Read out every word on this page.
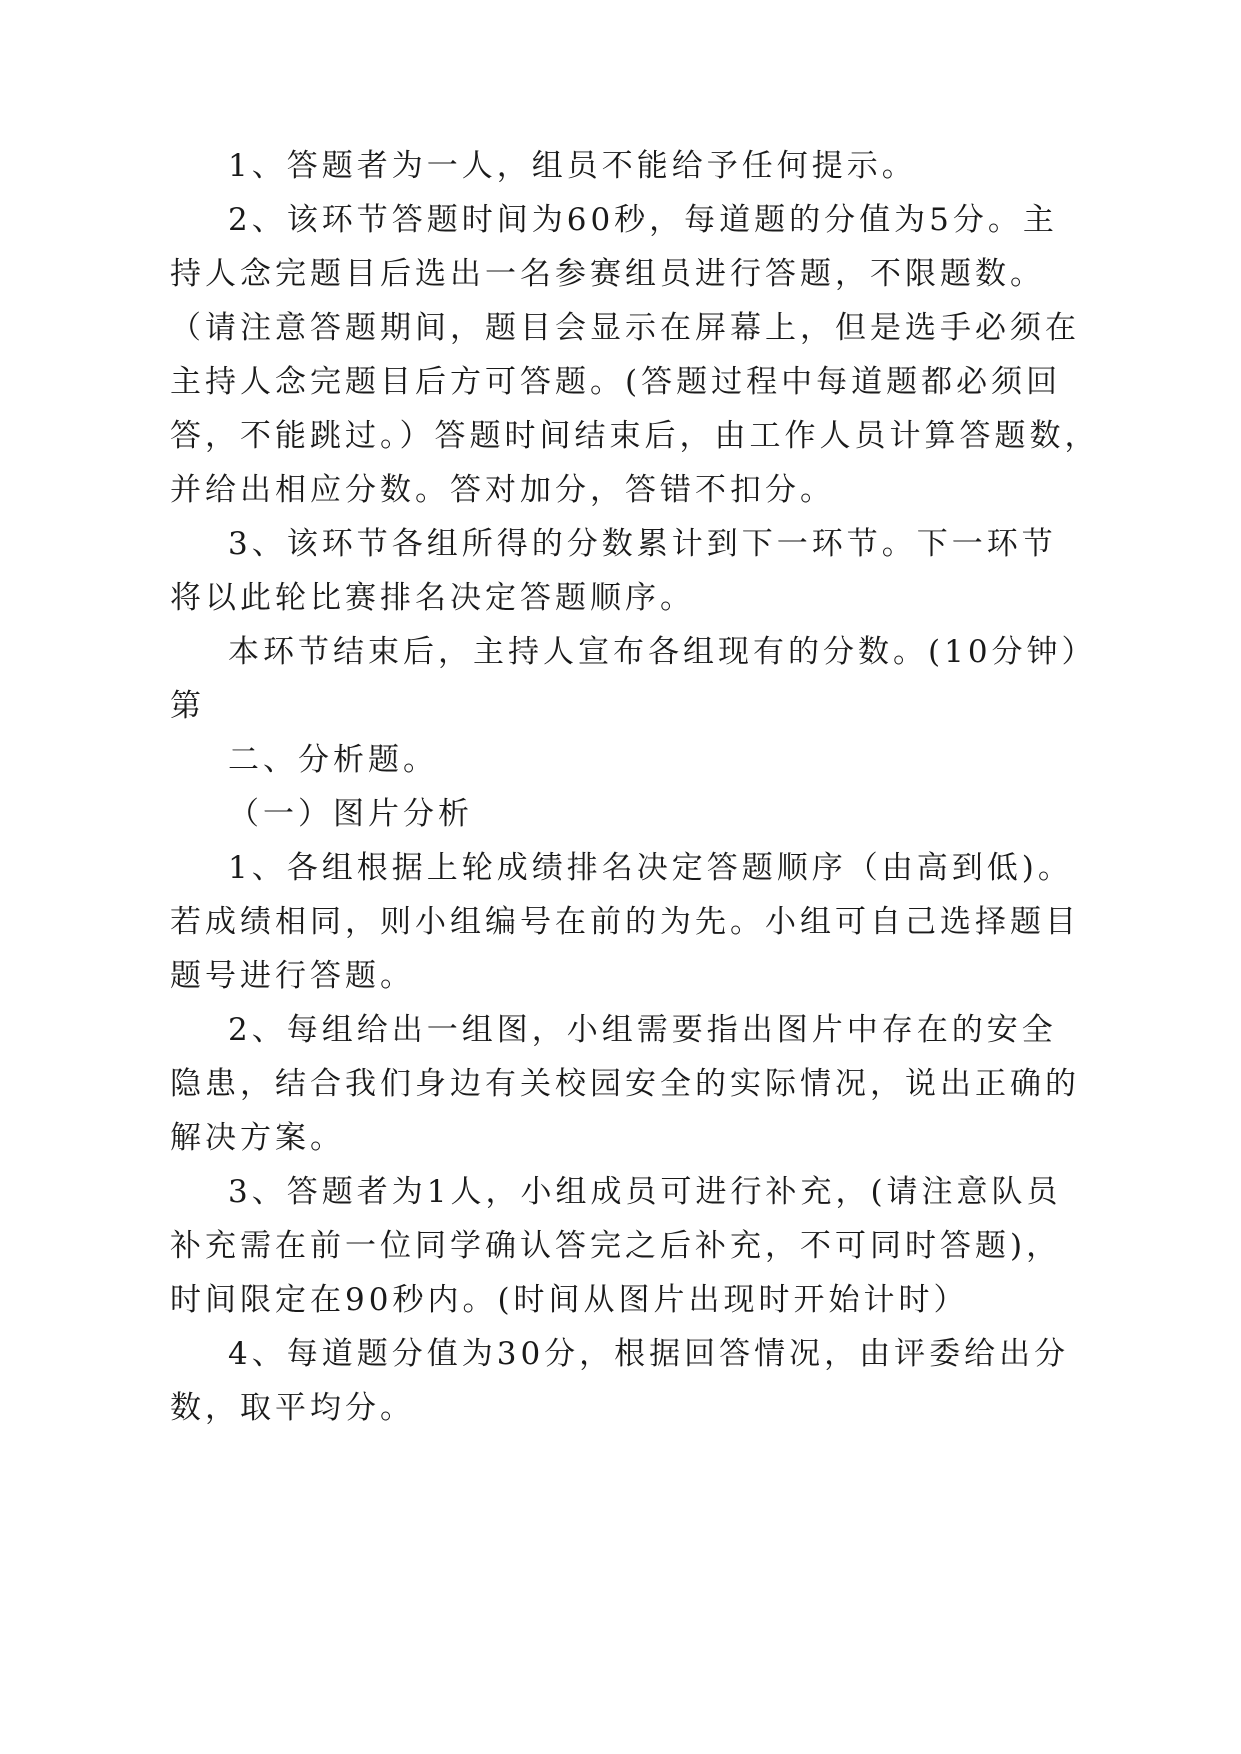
1、答题者为一人，组员不能给予任何提示。
2、该环节答题时间为60秒，每道题的分值为5分。主
持人念完题目后选出一名参赛组员进行答题，不限题数。
（请注意答题期间，题目会显示在屏幕上，但是选手必须在
主持人念完题目后方可答题。(答题过程中每道题都必须回
答，不能跳过。）答题时间结束后，由工作人员计算答题数，
并给出相应分数。答对加分，答错不扣分。
3、该环节各组所得的分数累计到下一环节。下一环节
将以此轮比赛排名决定答题顺序。
本环节结束后，主持人宣布各组现有的分数。(10分钟）
第
二、分析题。
（一）图片分析
1、各组根据上轮成绩排名决定答题顺序（由高到低)。
若成绩相同，则小组编号在前的为先。小组可自己选择题目
题号进行答题。
2、每组给出一组图，小组需要指出图片中存在的安全
隐患，结合我们身边有关校园安全的实际情况，说出正确的
解决方案。
3、答题者为1人，小组成员可进行补充，(请注意队员
补充需在前一位同学确认答完之后补充，不可同时答题)，
时间限定在90秒内。(时间从图片出现时开始计时）
4、每道题分值为30分，根据回答情况，由评委给出分
数，取平均分。
